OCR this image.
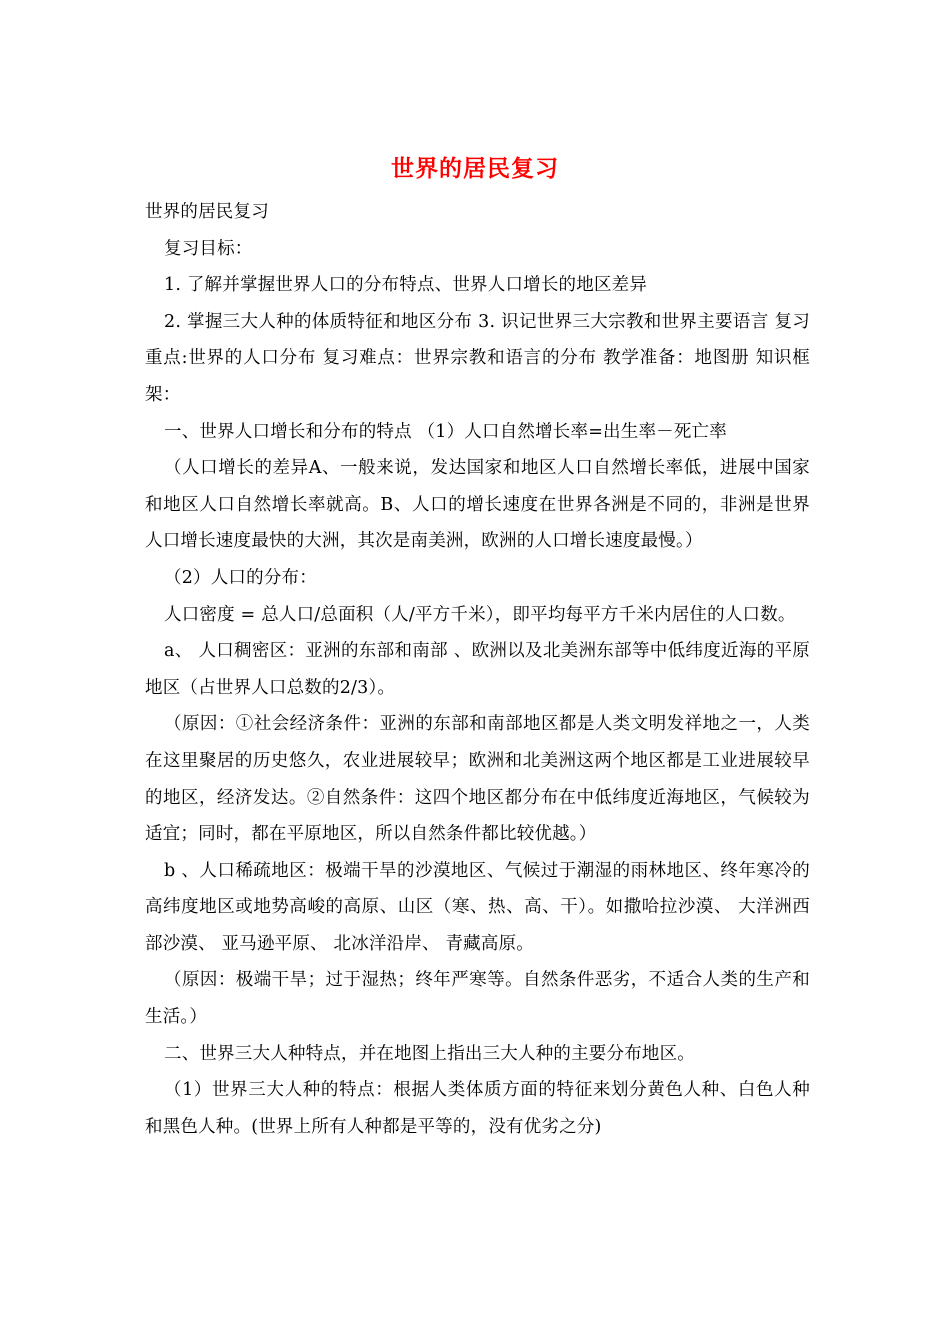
世界的居民复习

世界的居民复习

复习目标：

1. 了解并掌握世界人口的分布特点、世界人口增长的地区差异

2. 掌握三大人种的体质特征和地区分布 3. 识记世界三大宗教和世界主要语言 复习重点:世界的人口分布 复习难点：世界宗教和语言的分布 教学准备：地图册 知识框架：

一、世界人口增长和分布的特点 （1）人口自然增长率=出生率－死亡率

（人口增长的差异A、一般来说，发达国家和地区人口自然增长率低，进展中国家和地区人口自然增长率就高。B、人口的增长速度在世界各洲是不同的，非洲是世界人口增长速度最快的大洲，其次是南美洲，欧洲的人口增长速度最慢。）

（2）人口的分布：

人口密度 = 总人口/总面积（人/平方千米），即平均每平方千米内居住的人口数。

a、 人口稠密区：亚洲的东部和南部 、欧洲以及北美洲东部等中低纬度近海的平原地区（占世界人口总数的2/3）。

（原因：①社会经济条件：亚洲的东部和南部地区都是人类文明发祥地之一，人类在这里聚居的历史悠久，农业进展较早；欧洲和北美洲这两个地区都是工业进展较早的地区，经济发达。②自然条件：这四个地区都分布在中低纬度近海地区，气候较为适宜；同时，都在平原地区，所以自然条件都比较优越。）

b 、人口稀疏地区：极端干旱的沙漠地区、气候过于潮湿的雨林地区、终年寒冷的高纬度地区或地势高峻的高原、山区（寒、热、高、干）。如撒哈拉沙漠、 大洋洲西部沙漠、 亚马逊平原、 北冰洋沿岸、 青藏高原。

（原因：极端干旱；过于湿热；终年严寒等。自然条件恶劣，不适合人类的生产和生活。）

二、世界三大人种特点，并在地图上指出三大人种的主要分布地区。

（1）世界三大人种的特点：根据人类体质方面的特征来划分黄色人种、白色人种和黑色人种。(世界上所有人种都是平等的，没有优劣之分)
